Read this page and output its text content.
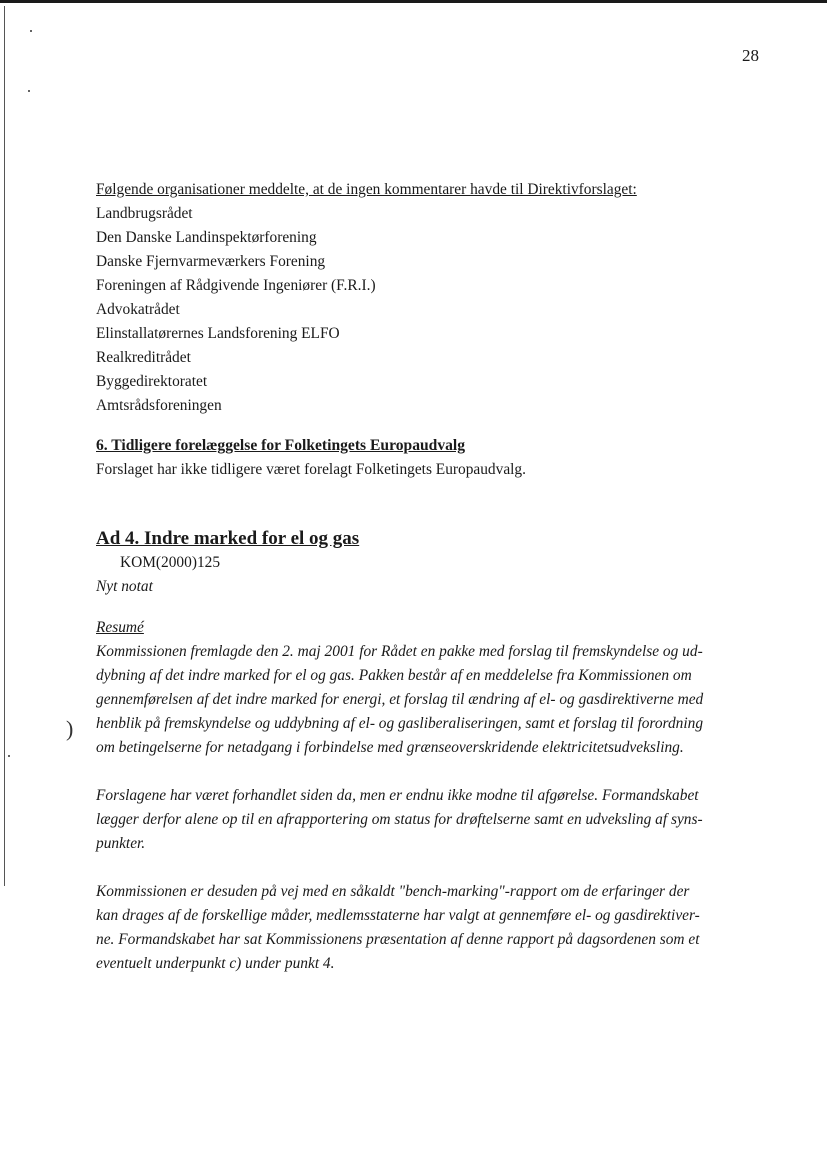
)
28
Følgende organisationer meddelte, at de ingen kommentarer havde til Direktivforslaget:
Landbrugsrådet
Den Danske Landinspektørforening
Danske Fjernvarmeværkers Forening
Foreningen af Rådgivende Ingeniører (F.R.I.)
Advokatrådet
Elinstallatørernes Landsforening ELFO
Realkreditrådet
Byggedirektoratet
Amtsrådsforeningen
6. Tidligere forelæggelse for Folketingets Europaudvalg
Forslaget har ikke tidligere været forelagt Folketingets Europaudvalg.
Ad 4. Indre marked for el og gas
KOM(2000)125
Nyt notat
Resumé
Kommissionen fremlagde den 2. maj 2001 for Rådet en pakke med forslag til fremskyndelse og ud-
dybning af det indre marked for el og gas. Pakken består af en meddelelse fra Kommissionen om
gennemførelsen af det indre marked for energi, et forslag til ændring af el- og gasdirektiverne med
henblik på fremskyndelse og uddybning af el- og gasliberaliseringen, samt et forslag til forordning
om betingelserne for netadgang i forbindelse med grænseoverskridende elektricitetsudveksling.
Forslagene har været forhandlet siden da, men er endnu ikke modne til afgørelse. Formandskabet
lægger derfor alene op til en afrapportering om status for drøftelserne samt en udveksling af syns-
punkter.
Kommissionen er desuden på vej med en såkaldt "bench-marking"-rapport om de erfaringer der
kan drages af de forskellige måder, medlemsstaterne har valgt at gennemføre el- og gasdirektiver-
ne. Formandskabet har sat Kommissionens præsentation af denne rapport på dagsordenen som et
eventuelt underpunkt c) under punkt 4.
